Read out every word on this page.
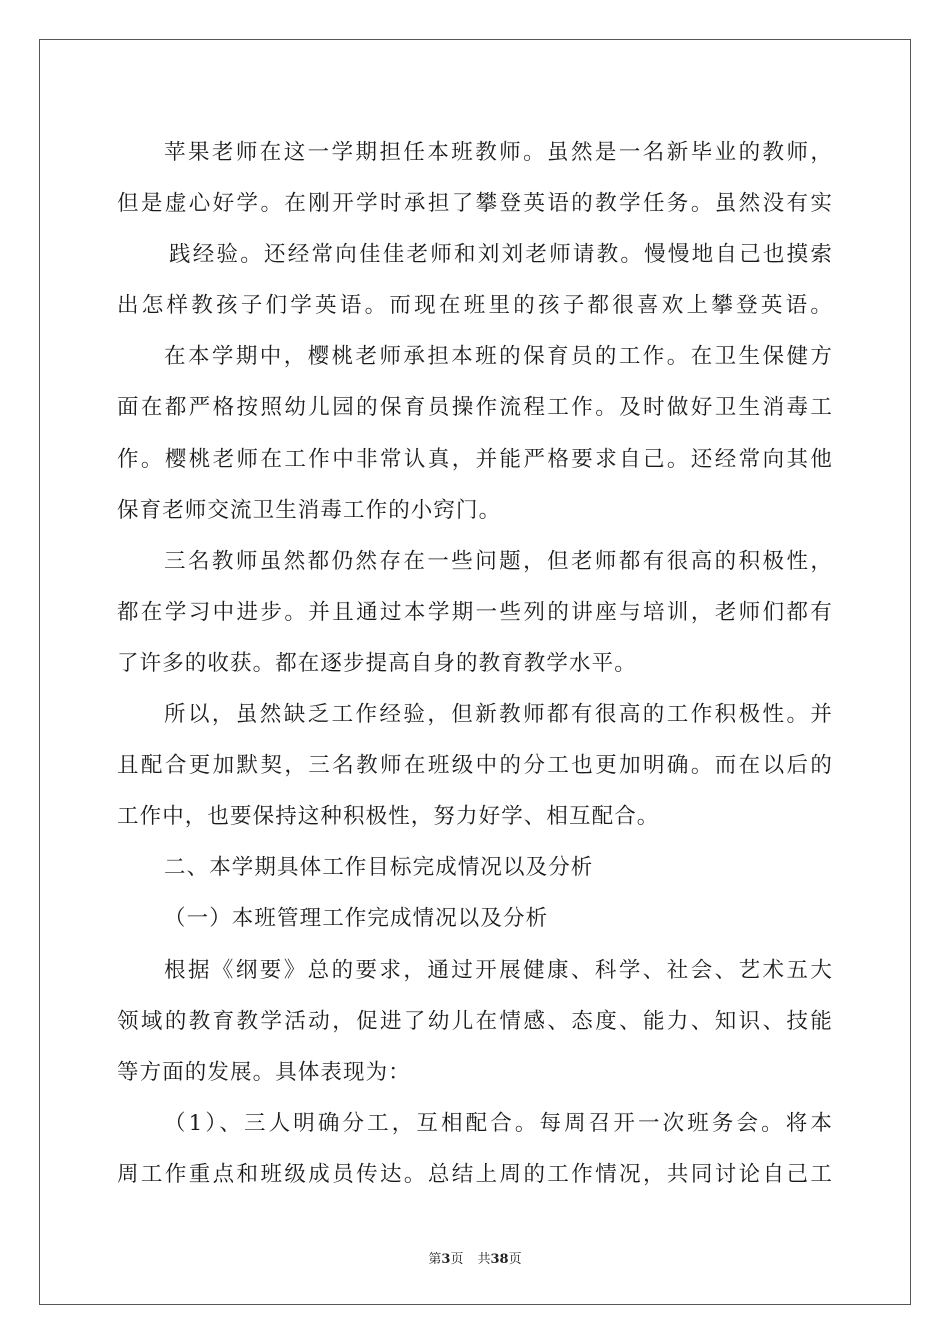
苹果老师在这一学期担任本班教师。虽然是一名新毕业的教师，
但是虚心好学。在刚开学时承担了攀登英语的教学任务。虽然没有实
践经验。还经常向佳佳老师和刘刘老师请教。慢慢地自己也摸索
出怎样教孩子们学英语。而现在班里的孩子都很喜欢上攀登英语。
在本学期中，樱桃老师承担本班的保育员的工作。在卫生保健方
面在都严格按照幼儿园的保育员操作流程工作。及时做好卫生消毒工
作。樱桃老师在工作中非常认真，并能严格要求自己。还经常向其他
保育老师交流卫生消毒工作的小窍门。
三名教师虽然都仍然存在一些问题，但老师都有很高的积极性，
都在学习中进步。并且通过本学期一些列的讲座与培训，老师们都有
了许多的收获。都在逐步提高自身的教育教学水平。
所以，虽然缺乏工作经验，但新教师都有很高的工作积极性。并
且配合更加默契，三名教师在班级中的分工也更加明确。而在以后的
工作中，也要保持这种积极性，努力好学、相互配合。
二、本学期具体工作目标完成情况以及分析
（一）本班管理工作完成情况以及分析
根据《纲要》总的要求，通过开展健康、科学、社会、艺术五大
领域的教育教学活动，促进了幼儿在情感、态度、能力、知识、技能
等方面的发展。具体表现为：
（1）、三人明确分工，互相配合。每周召开一次班务会。将本
周工作重点和班级成员传达。总结上周的工作情况，共同讨论自己工
第3页 共38页
